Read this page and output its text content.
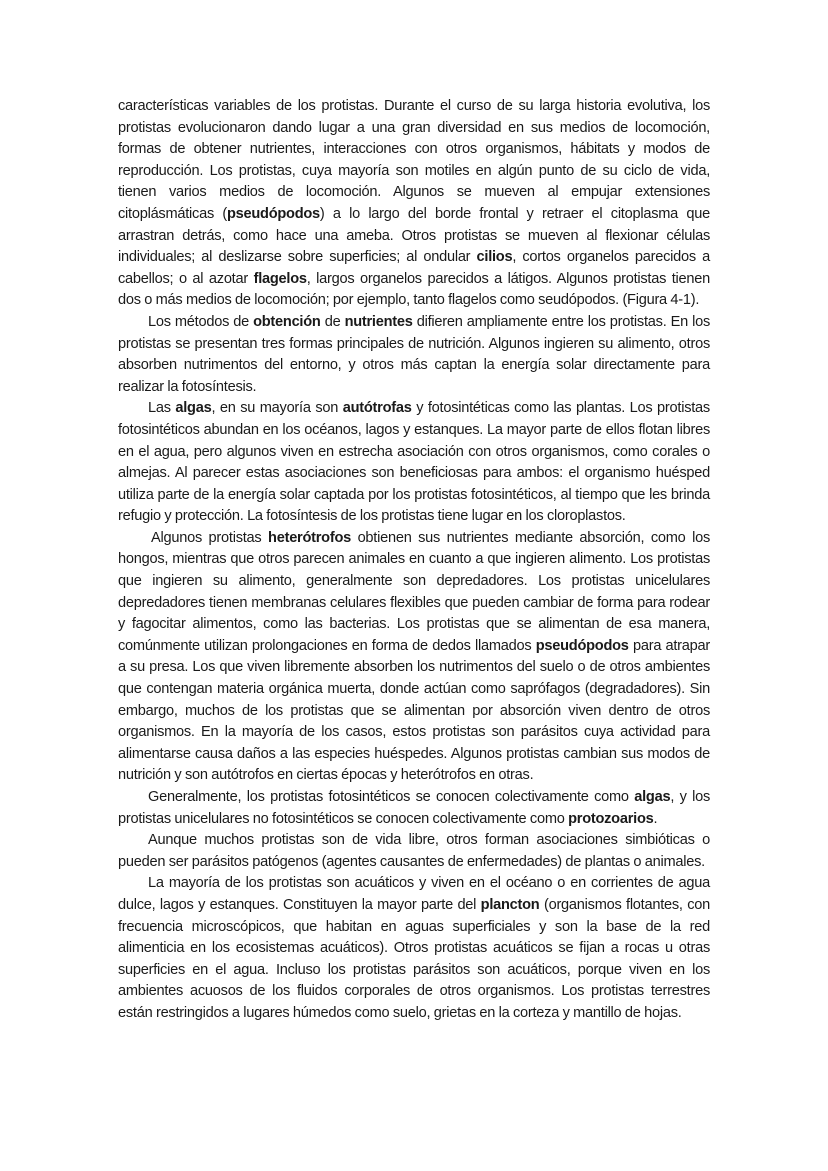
características variables de los protistas. Durante el curso de su larga historia evolutiva, los protistas evolucionaron dando lugar a una gran diversidad en sus medios de locomoción, formas de obtener nutrientes, interacciones con otros organismos, hábitats y modos de reproducción. Los protistas, cuya mayoría son motiles en algún punto de su ciclo de vida, tienen varios medios de locomoción. Algunos se mueven al empujar extensiones citoplásmáticas (pseudópodos) a lo largo del borde frontal y retraer el citoplasma que arrastran detrás, como hace una ameba. Otros protistas se mueven al flexionar células individuales; al deslizarse sobre superficies; al ondular cilios, cortos organelos parecidos a cabellos; o al azotar flagelos, largos organelos parecidos a látigos. Algunos protistas tienen dos o más medios de locomoción; por ejemplo, tanto flagelos como seudópodos. (Figura 4-1).

Los métodos de obtención de nutrientes difieren ampliamente entre los protistas. En los protistas se presentan tres formas principales de nutrición. Algunos ingieren su alimento, otros absorben nutrimentos del entorno, y otros más captan la energía solar directamente para realizar la fotosíntesis.

Las algas, en su mayoría son autótrofas y fotosintéticas como las plantas. Los protistas fotosintéticos abundan en los océanos, lagos y estanques. La mayor parte de ellos flotan libres en el agua, pero algunos viven en estrecha asociación con otros organismos, como corales o almejas. Al parecer estas asociaciones son beneficiosas para ambos: el organismo huésped utiliza parte de la energía solar captada por los protistas fotosintéticos, al tiempo que les brinda refugio y protección. La fotosíntesis de los protistas tiene lugar en los cloroplastos.

Algunos protistas heterótrofos obtienen sus nutrientes mediante absorción, como los hongos, mientras que otros parecen animales en cuanto a que ingieren alimento. Los protistas que ingieren su alimento, generalmente son depredadores. Los protistas unicelulares depredadores tienen membranas celulares flexibles que pueden cambiar de forma para rodear y fagocitar alimentos, como las bacterias. Los protistas que se alimentan de esa manera, comúnmente utilizan prolongaciones en forma de dedos llamados pseudópodos para atrapar a su presa. Los que viven libremente absorben los nutrimentos del suelo o de otros ambientes que contengan materia orgánica muerta, donde actúan como saprófagos (degradadores). Sin embargo, muchos de los protistas que se alimentan por absorción viven dentro de otros organismos. En la mayoría de los casos, estos protistas son parásitos cuya actividad para alimentarse causa daños a las especies huéspedes. Algunos protistas cambian sus modos de nutrición y son autótrofos en ciertas épocas y heterótrofos en otras.

Generalmente, los protistas fotosintéticos se conocen colectivamente como algas, y los protistas unicelulares no fotosintéticos se conocen colectivamente como protozoarios.

Aunque muchos protistas son de vida libre, otros forman asociaciones simbióticas o pueden ser parásitos patógenos (agentes causantes de enfermedades) de plantas o animales.

La mayoría de los protistas son acuáticos y viven en el océano o en corrientes de agua dulce, lagos y estanques. Constituyen la mayor parte del plancton (organismos flotantes, con frecuencia microscópicos, que habitan en aguas superficiales y son la base de la red alimenticia en los ecosistemas acuáticos). Otros protistas acuáticos se fijan a rocas u otras superficies en el agua. Incluso los protistas parásitos son acuáticos, porque viven en los ambientes acuosos de los fluidos corporales de otros organismos. Los protistas terrestres están restringidos a lugares húmedos como suelo, grietas en la corteza y mantillo de hojas.
